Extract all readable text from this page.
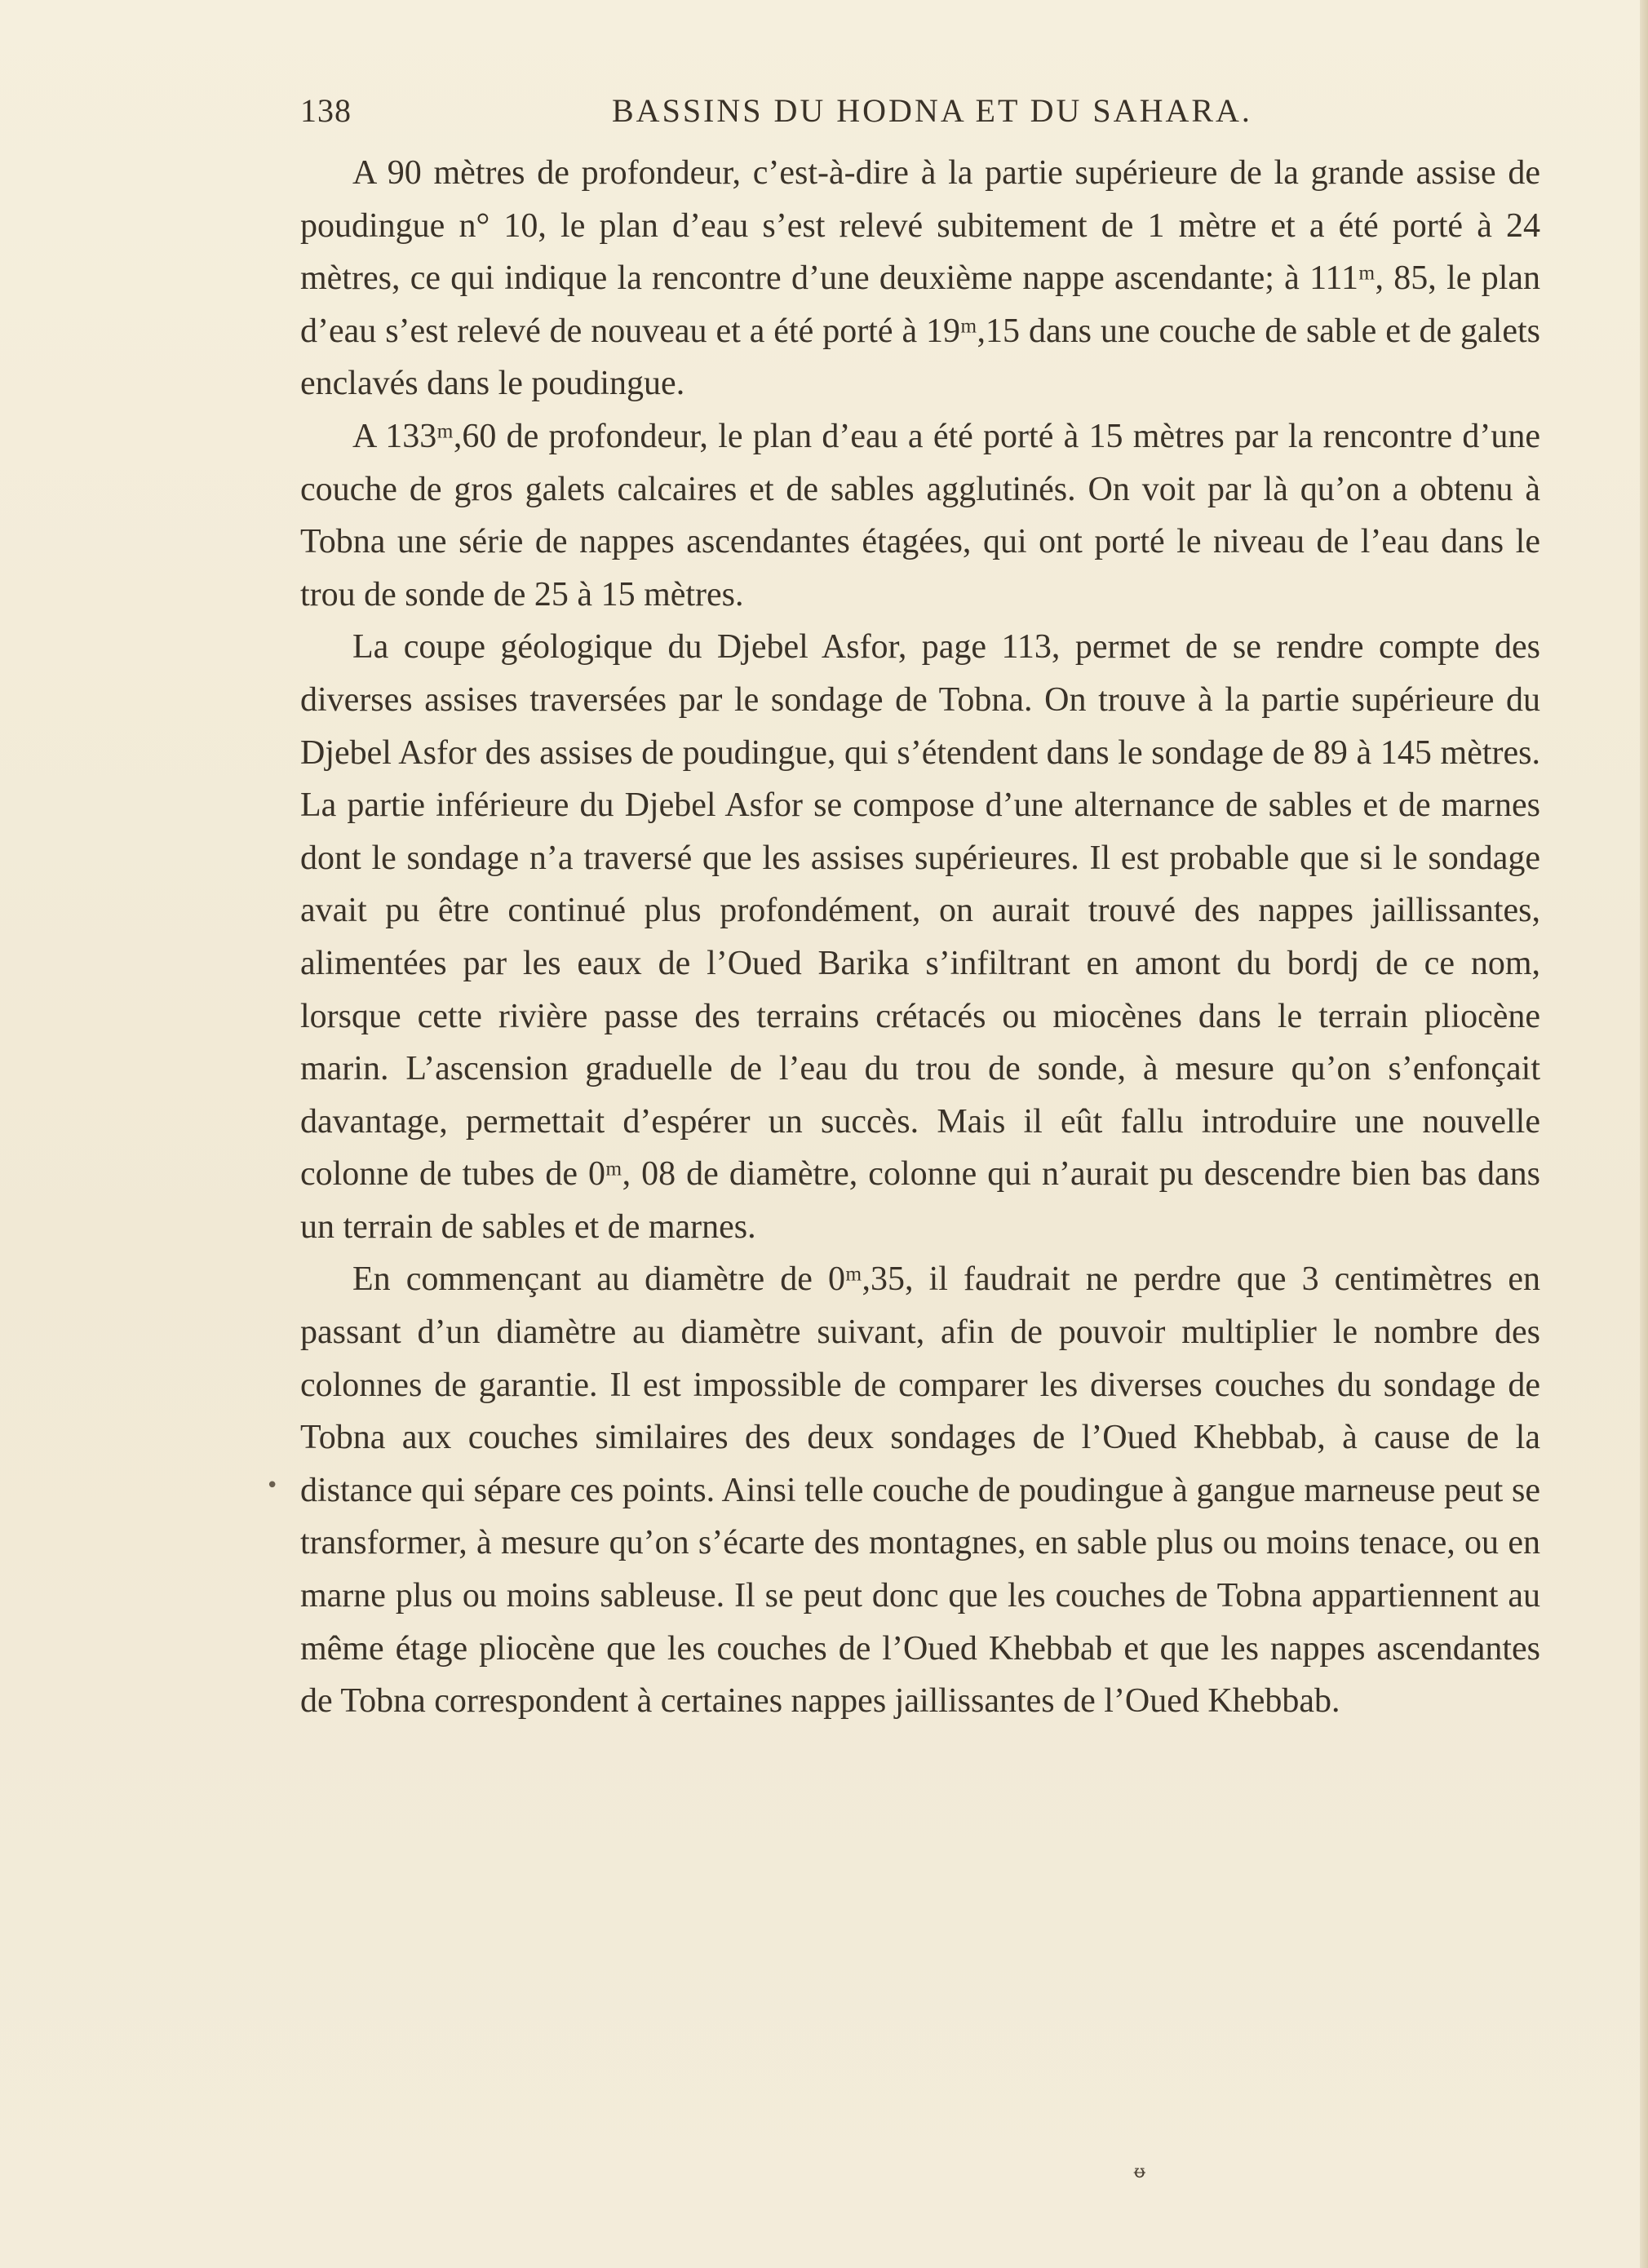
138	BASSINS DU HODNA ET DU SAHARA.

A 90 mètres de profondeur, c’est-à-dire à la partie supérieure de la grande assise de poudingue n° 10, le plan d’eau s’est relevé subitement de 1 mètre et a été porté à 24 mètres, ce qui indique la rencontre d’une deuxième nappe ascendante; à 111ᵐ, 85, le plan d’eau s’est relevé de nouveau et a été porté à 19ᵐ,15 dans une couche de sable et de galets enclavés dans le poudingue.

A 133ᵐ,60 de profondeur, le plan d’eau a été porté à 15 mètres par la rencontre d’une couche de gros galets calcaires et de sables agglutinés. On voit par là qu’on a obtenu à Tobna une série de nappes ascendantes étagées, qui ont porté le niveau de l’eau dans le trou de sonde de 25 à 15 mètres.

La coupe géologique du Djebel Asfor, page 113, permet de se rendre compte des diverses assises traversées par le sondage de Tobna. On trouve à la partie supérieure du Djebel Asfor des assises de poudingue, qui s’étendent dans le sondage de 89 à 145 mètres. La partie inférieure du Djebel Asfor se compose d’une alternance de sables et de marnes dont le sondage n’a traversé que les assises supérieures. Il est probable que si le sondage avait pu être continué plus profondément, on aurait trouvé des nappes jaillissantes, alimentées par les eaux de l’Oued Barika s’infiltrant en amont du bordj de ce nom, lorsque cette rivière passe des terrains crétacés ou miocènes dans le terrain pliocène marin. L’ascension graduelle de l’eau du trou de sonde, à mesure qu’on s’enfonçait davantage, permettait d’espérer un succès. Mais il eût fallu introduire une nouvelle colonne de tubes de 0ᵐ, 08 de diamètre, colonne qui n’aurait pu descendre bien bas dans un terrain de sables et de marnes.

En commençant au diamètre de 0ᵐ,35, il faudrait ne perdre que 3 centimètres en passant d’un diamètre au diamètre suivant, afin de pouvoir multiplier le nombre des colonnes de garantie. Il est impossible de comparer les diverses couches du sondage de Tobna aux couches similaires des deux sondages de l’Oued Khebbab, à cause de la distance qui sépare ces points. Ainsi telle couche de poudingue à gangue marneuse peut se transformer, à mesure qu’on s’écarte des montagnes, en sable plus ou moins tenace, ou en marne plus ou moins sableuse. Il se peut donc que les couches de Tobna appartiennent au même étage pliocène que les couches de l’Oued Khebbab et que les nappes ascendantes de Tobna correspondent à certaines nappes jaillissantes de l’Oued Khebbab.

•
ᵿ
